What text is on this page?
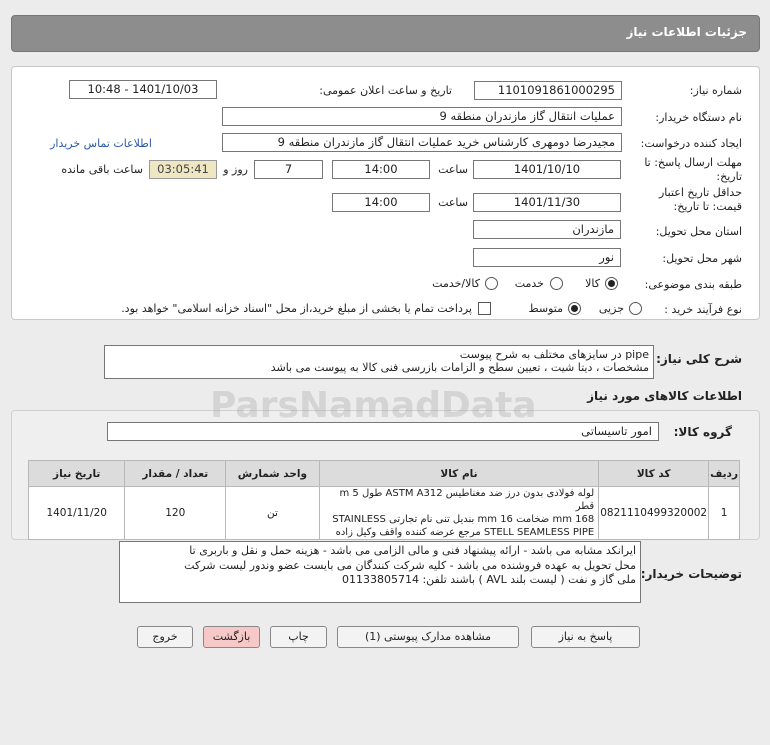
جزئیات اطلاعات نیاز
شماره نیاز:
1101091861000295
تاریخ و ساعت اعلان عمومی:
1401/10/03 - 10:48
نام دستگاه خریدار:
عملیات انتقال گاز مازندران منطقه 9
ایجاد کننده درخواست:
مجیدرضا دومهری کارشناس خرید عملیات انتقال گاز مازندران منطقه 9
اطلاعات تماس خریدار
مهلت ارسال پاسخ: تا
تاریخ:
1401/10/10
ساعت
14:00
7
روز و
03:05:41
ساعت باقی مانده
حداقل تاریخ اعتبار
قیمت: تا تاریخ:
1401/11/30
ساعت
14:00
استان محل تحویل:
مازندران
شهر محل تحویل:
نور
طبقه بندی موضوعی:
کالا
خدمت
کالا/خدمت
نوع فرآیند خرید :
جزیی
متوسط
پرداخت تمام یا بخشی از مبلغ خرید،از محل "اسناد خزانه اسلامی" خواهد بود.
شرح کلی نیاز:
pipe در سایزهای مختلف به شرح پیوست
مشخصات ، دیتا شیت ، تعیین سطح و الزامات بازرسی فنی کالا به پیوست می باشد
اطلاعات کالاهای مورد نیاز
گروه کالا:
امور تاسیساتی
ردیف	کد کالا	نام کالا	واحد شمارش	تعداد / مقدار	تاریخ نیاز
1	0821110499320002	لوله فولادی بدون درز ضد مغناطیس ASTM A312 طول m 5 قطر
168 mm ضخامت mm 16 بندیل تنی نام تجارتی STAINLESS
STELL SEAMLESS PIPE مرجع عرضه کننده واقف وکیل زاده	تن	120	1401/11/20
توضیحات خریدار:
ایرانکد مشابه می باشد - ارائه پیشنهاد فنی و مالی الزامی می باشد - هزینه حمل و نقل و باربری تا
محل تحویل به عهده فروشنده می باشد - کلیه شرکت کنندگان می بایست عضو وندور لیست شرکت
ملی گاز و نفت ( لیست بلند AVL ) باشند تلفن: 01133805714
پاسخ به نیاز
مشاهده مدارک پیوستی (1)
چاپ
بازگشت
خروج
ParsNamadData
